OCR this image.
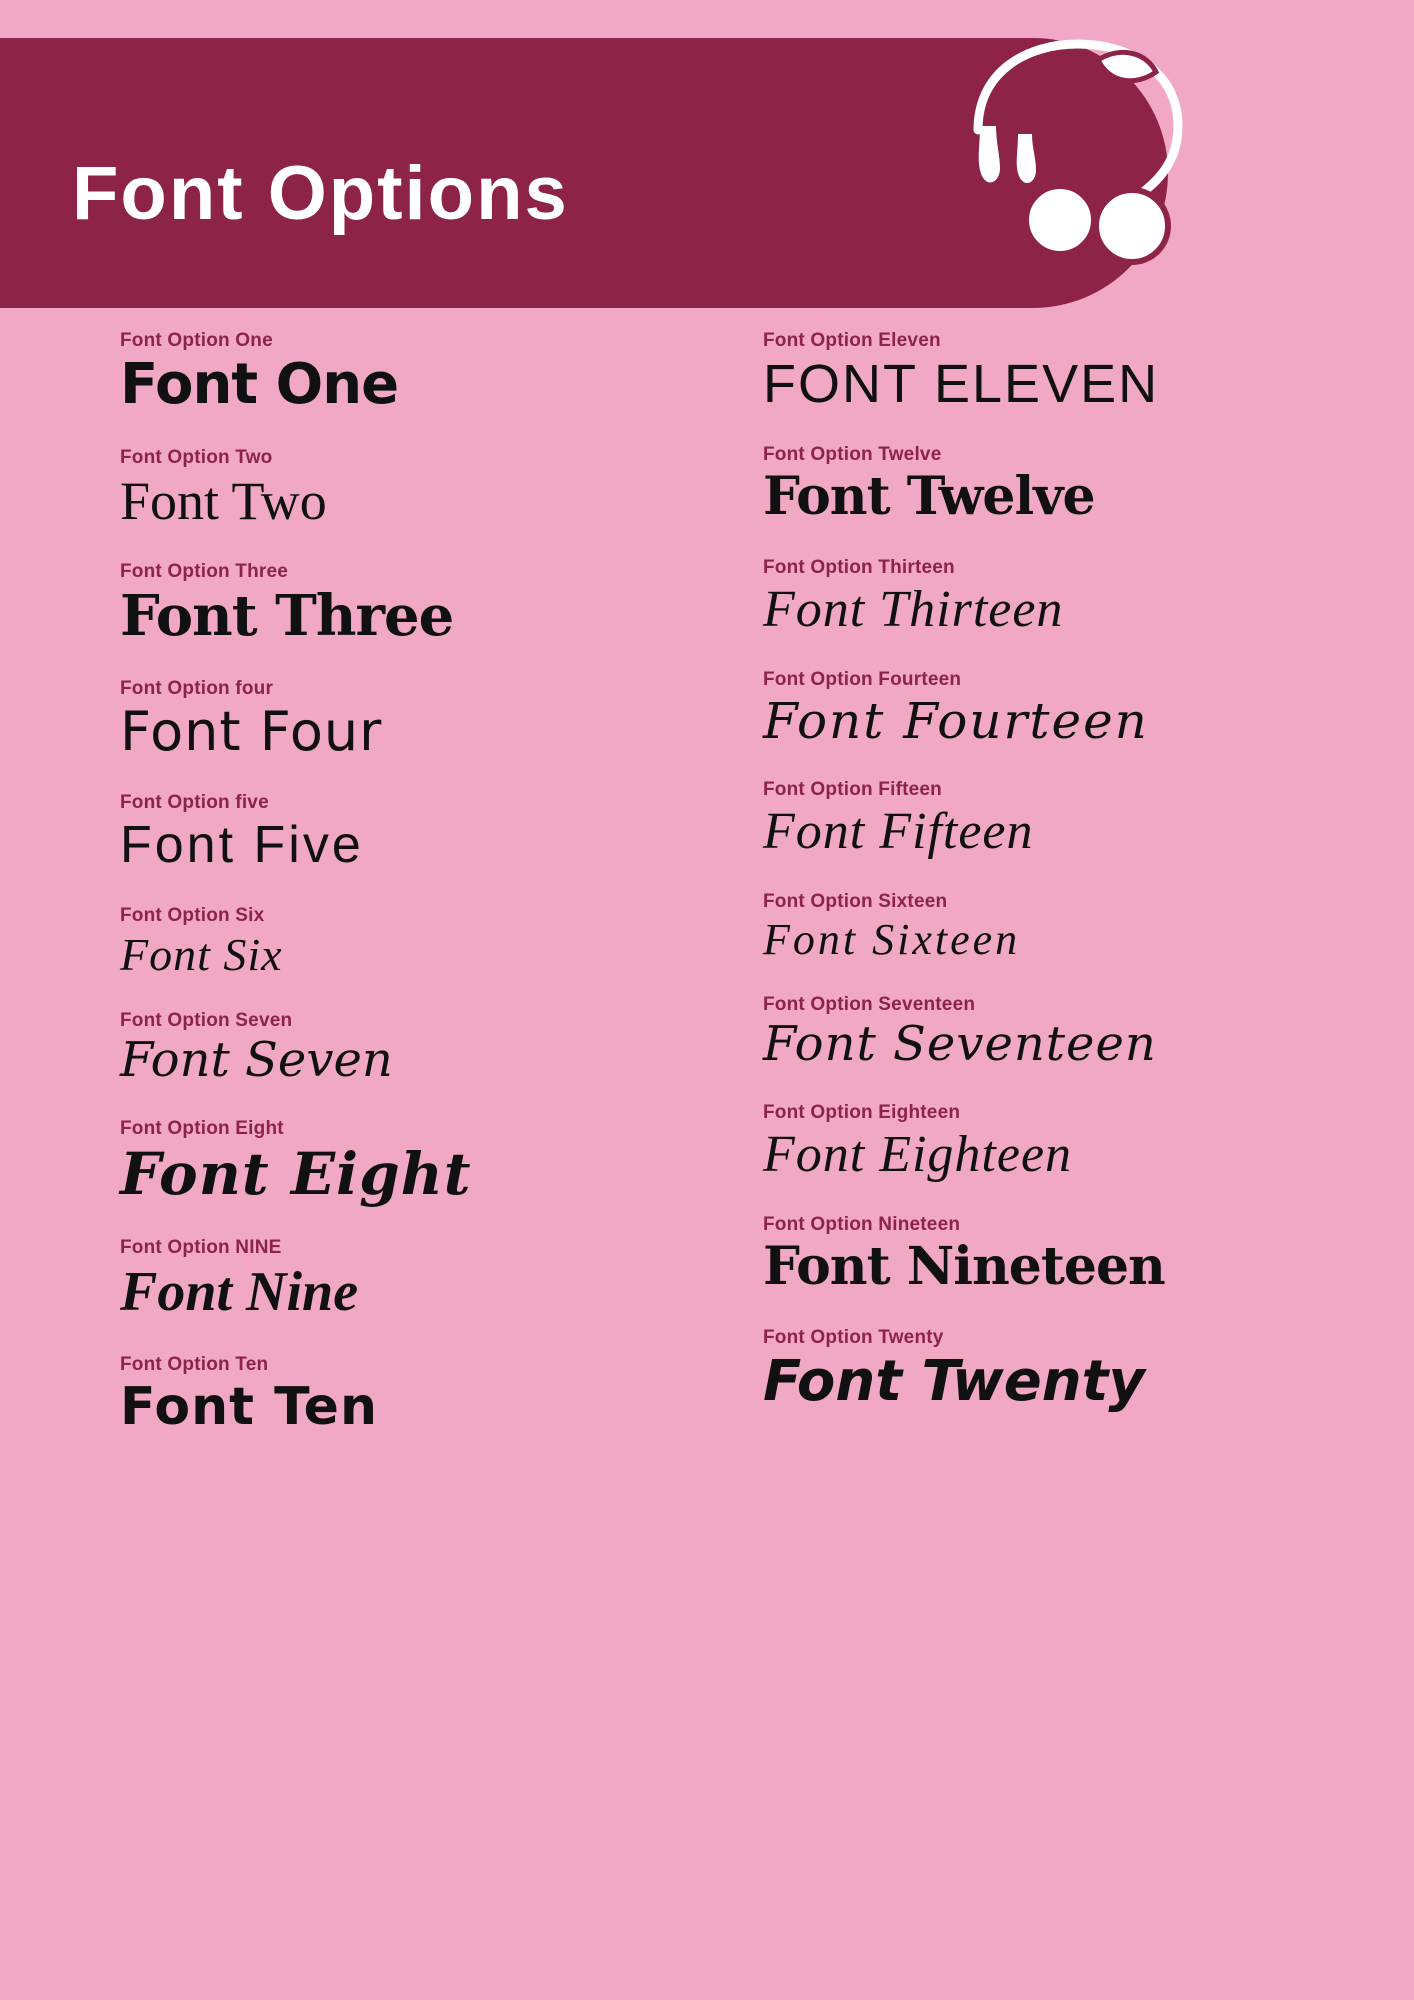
Font Options
Font Option One
Font One
Font Option Two
Font Two
Font Option Three
Font Three
Font Option four
Font Four
Font Option five
Font Five
Font Option Six
Font Six
Font Option Seven
Font Seven
Font Option Eight
Font Eight
Font Option NINE
Font Nine
Font Option Ten
Font Ten
Font Option Eleven
FONT ELEVEN
Font Option Twelve
Font Twelve
Font Option Thirteen
Font Thirteen
Font Option Fourteen
Font Fourteen
Font Option Fifteen
Font Fifteen
Font Option Sixteen
Font Sixteen
Font Option Seventeen
Font Seventeen
Font Option Eighteen
Font Eighteen
Font Option Nineteen
Font Nineteen
Font Option Twenty
Font Twenty
